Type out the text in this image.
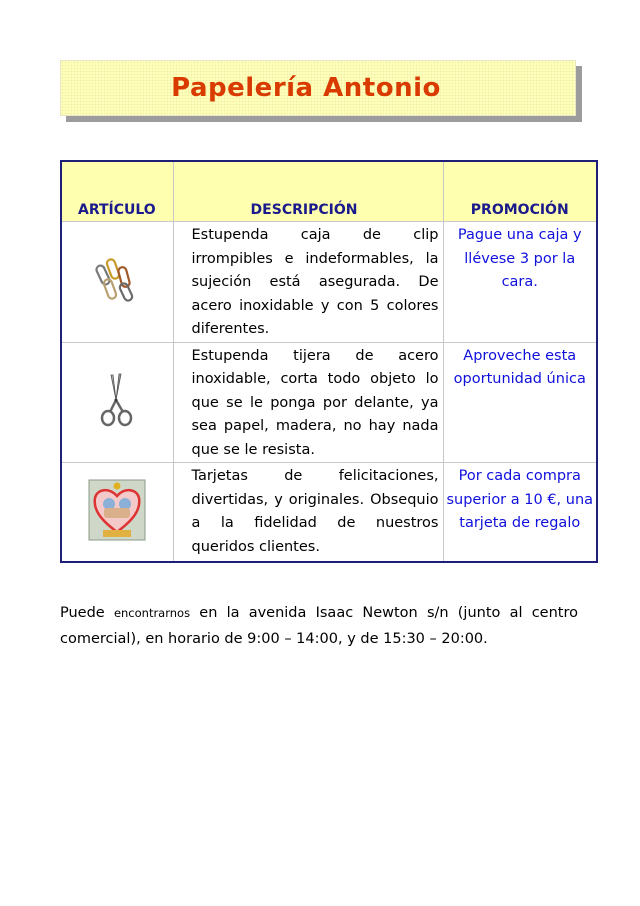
Papelería Antonio
ARTÍCULO	DESCRIPCIÓN	PROMOCIÓN
	Estupenda caja de clip irrompibles e indeformables, la sujeción está asegurada. De acero inoxidable y con 5 colores diferentes.	Pague una caja y llévese 3 por la cara.
	Estupenda tijera de acero inoxidable, corta todo objeto lo que se le ponga por delante, ya sea papel, madera, no hay nada que se le resista.	Aproveche esta oportunidad única
	Tarjetas de felicitaciones, divertidas, y originales. Obsequio a la fidelidad de nuestros queridos clientes.	Por cada compra superior a 10 €, una tarjeta de regalo
Puede encontrarnos en la avenida Isaac Newton s/n (junto al centro comercial), en horario de 9:00 – 14:00, y de 15:30 – 20:00.
